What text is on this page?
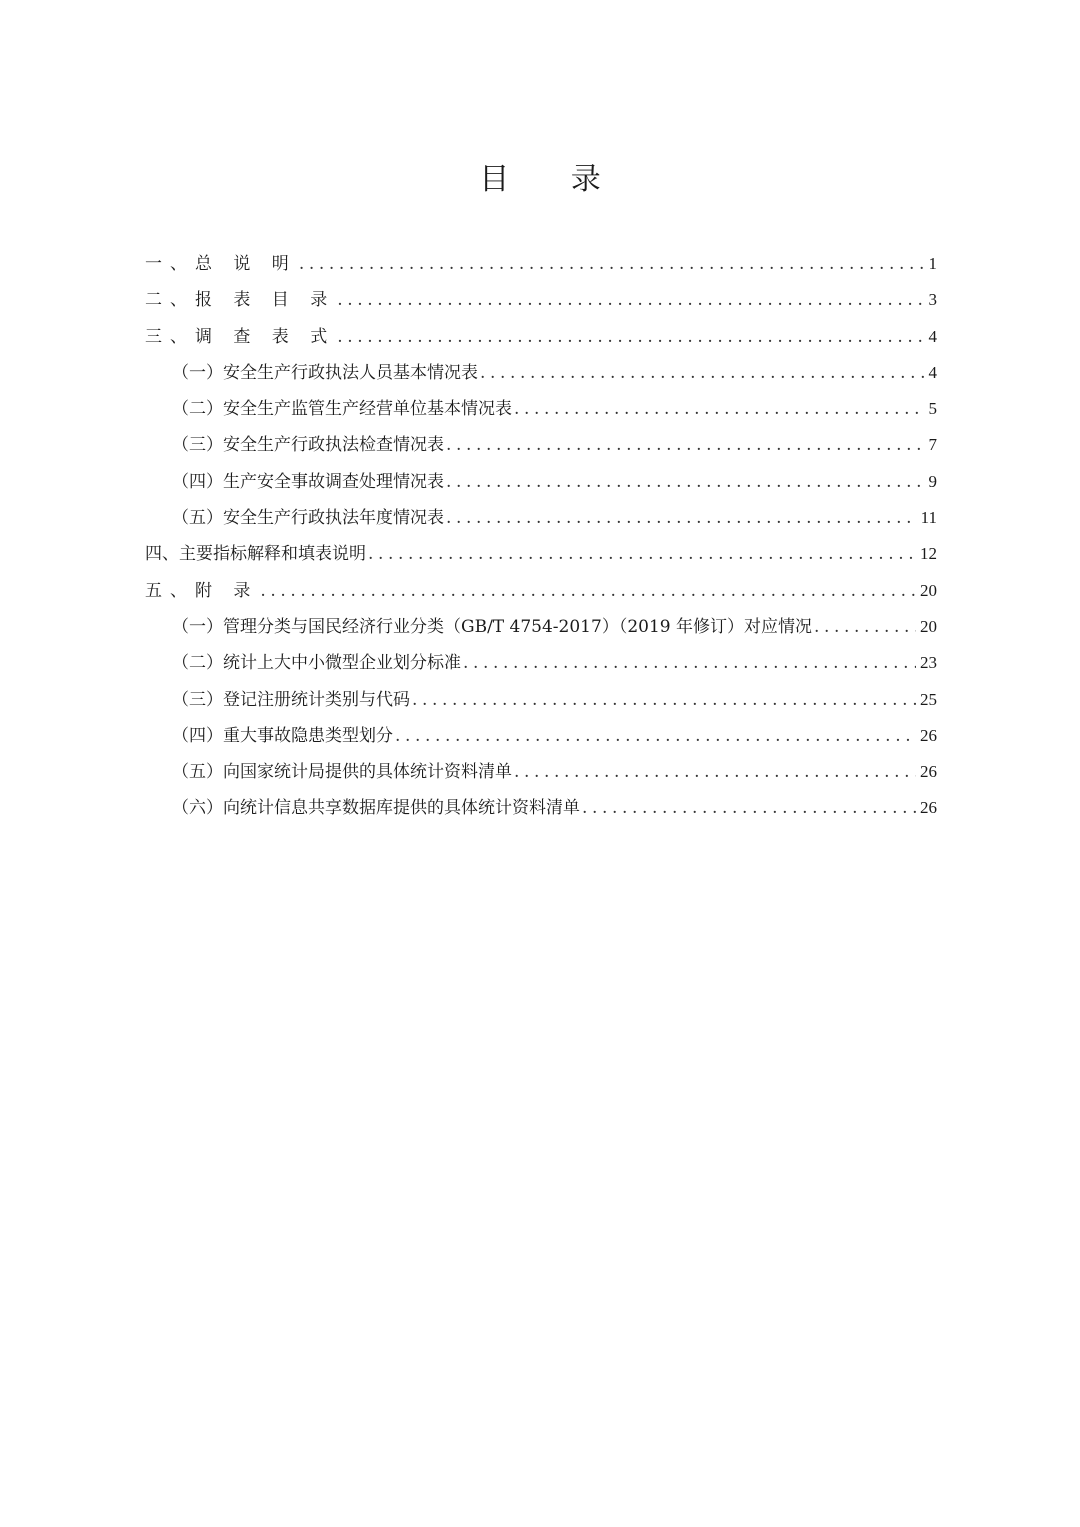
目 录
一、总 说 明 .....	1
二、报 表 目 录 .....	3
三、调 查 表 式 .....	4
（一）安全生产行政执法人员基本情况表 .....	4
（二）安全生产监管生产经营单位基本情况表 .....	5
（三）安全生产行政执法检查情况表 .....	7
（四）生产安全事故调查处理情况表 .....	9
（五）安全生产行政执法年度情况表 .....	11
四、主要指标解释和填表说明 .....	12
五、附 录 .....	20
（一）管理分类与国民经济行业分类（GB/T 4754-2017）（2019 年修订）对应情况 .....	20
（二）统计上大中小微型企业划分标准 .....	23
（三）登记注册统计类别与代码 .....	25
（四）重大事故隐患类型划分 .....	26
（五）向国家统计局提供的具体统计资料清单 .....	26
（六）向统计信息共享数据库提供的具体统计资料清单 .....	26
